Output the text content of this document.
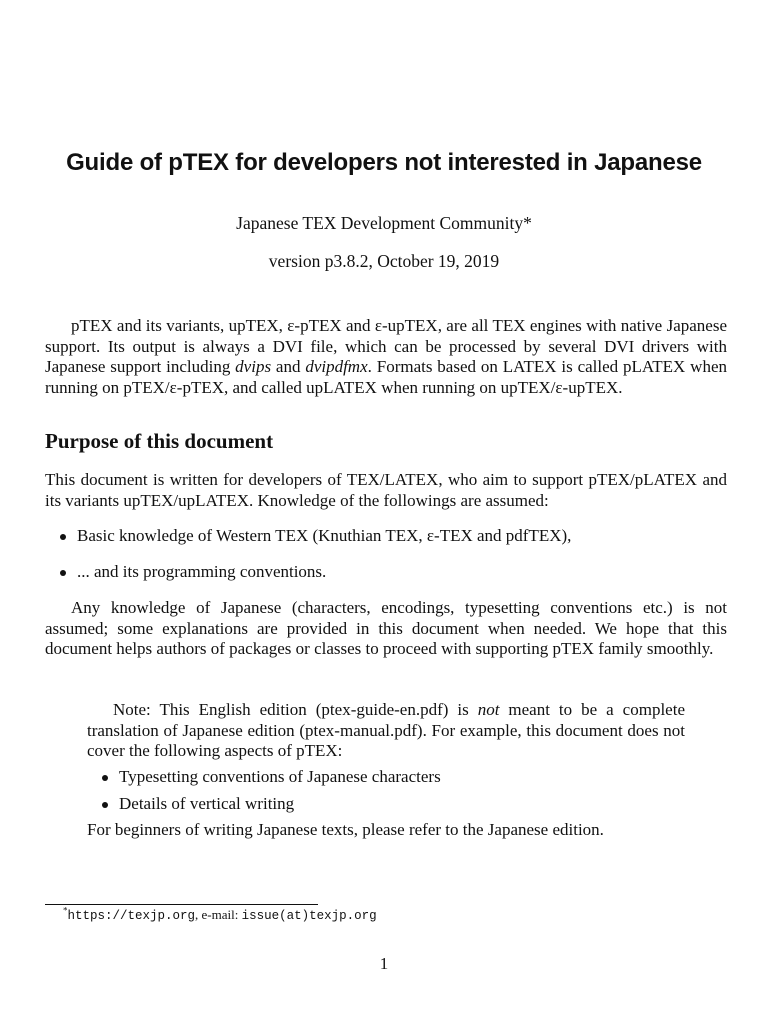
Guide of pTEX for developers not interested in Japanese
Japanese TEX Development Community*
version p3.8.2, October 19, 2019

pTEX and its variants, upTEX, ε-pTEX and ε-upTEX, are all TEX engines with native Japanese support. Its output is always a DVI file, which can be processed by several DVI drivers with Japanese support including dvips and dvipdfmx. Formats based on LATEX is called pLATEX when running on pTEX/ε-pTEX, and called upLATEX when running on upTEX/ε-upTEX.

Purpose of this document

This document is written for developers of TEX/LATEX, who aim to support pTEX/pLATEX and its variants upTEX/upLATEX. Knowledge of the followings are assumed:

Basic knowledge of Western TEX (Knuthian TEX, ε-TEX and pdfTEX),
... and its programming conventions.

Any knowledge of Japanese (characters, encodings, typesetting conventions etc.) is not assumed; some explanations are provided in this document when needed. We hope that this document helps authors of packages or classes to proceed with supporting pTEX family smoothly.

Note: This English edition (ptex-guide-en.pdf) is not meant to be a complete translation of Japanese edition (ptex-manual.pdf). For example, this document does not cover the following aspects of pTEX:

Typesetting conventions of Japanese characters
Details of vertical writing

For beginners of writing Japanese texts, please refer to the Japanese edition.

*https://texjp.org, e-mail: issue(at)texjp.org
1
